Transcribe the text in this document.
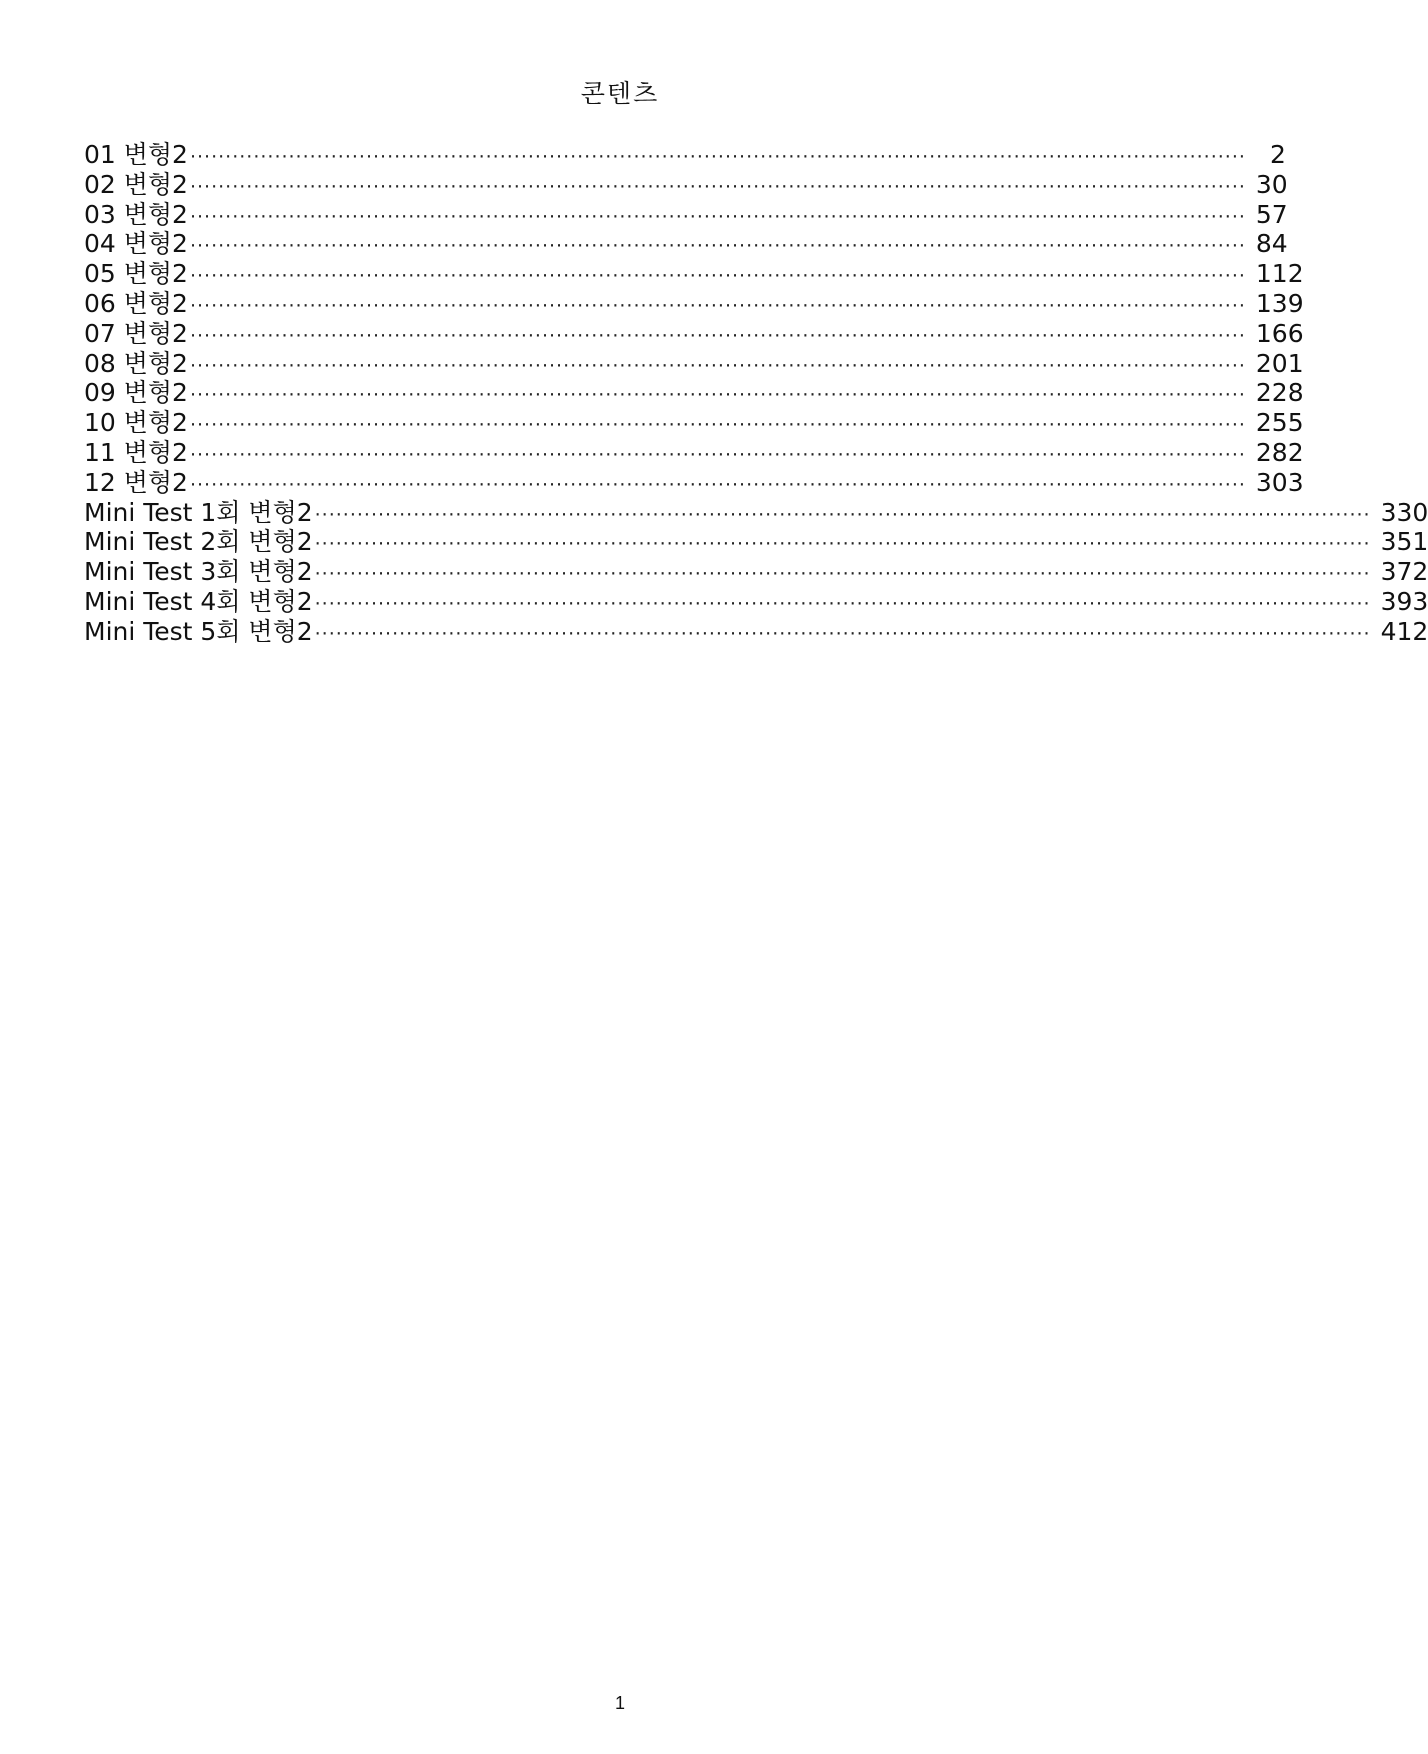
콘텐츠
01 변형2 ······················································································································································ 2
02 변형2 ······················································································································································ 30
03 변형2 ······················································································································································ 57
04 변형2 ······················································································································································ 84
05 변형2 ······················································································································································ 112
06 변형2 ······················································································································································ 139
07 변형2 ······················································································································································ 166
08 변형2 ······················································································································································ 201
09 변형2 ······················································································································································ 228
10 변형2 ······················································································································································ 255
11 변형2 ······················································································································································ 282
12 변형2 ······················································································································································ 303
Mini Test 1회 변형2 ······················································································································································ 330
Mini Test 2회 변형2 ······················································································································································ 351
Mini Test 3회 변형2 ······················································································································································ 372
Mini Test 4회 변형2 ······················································································································································ 393
Mini Test 5회 변형2 ······················································································································································ 412
1
